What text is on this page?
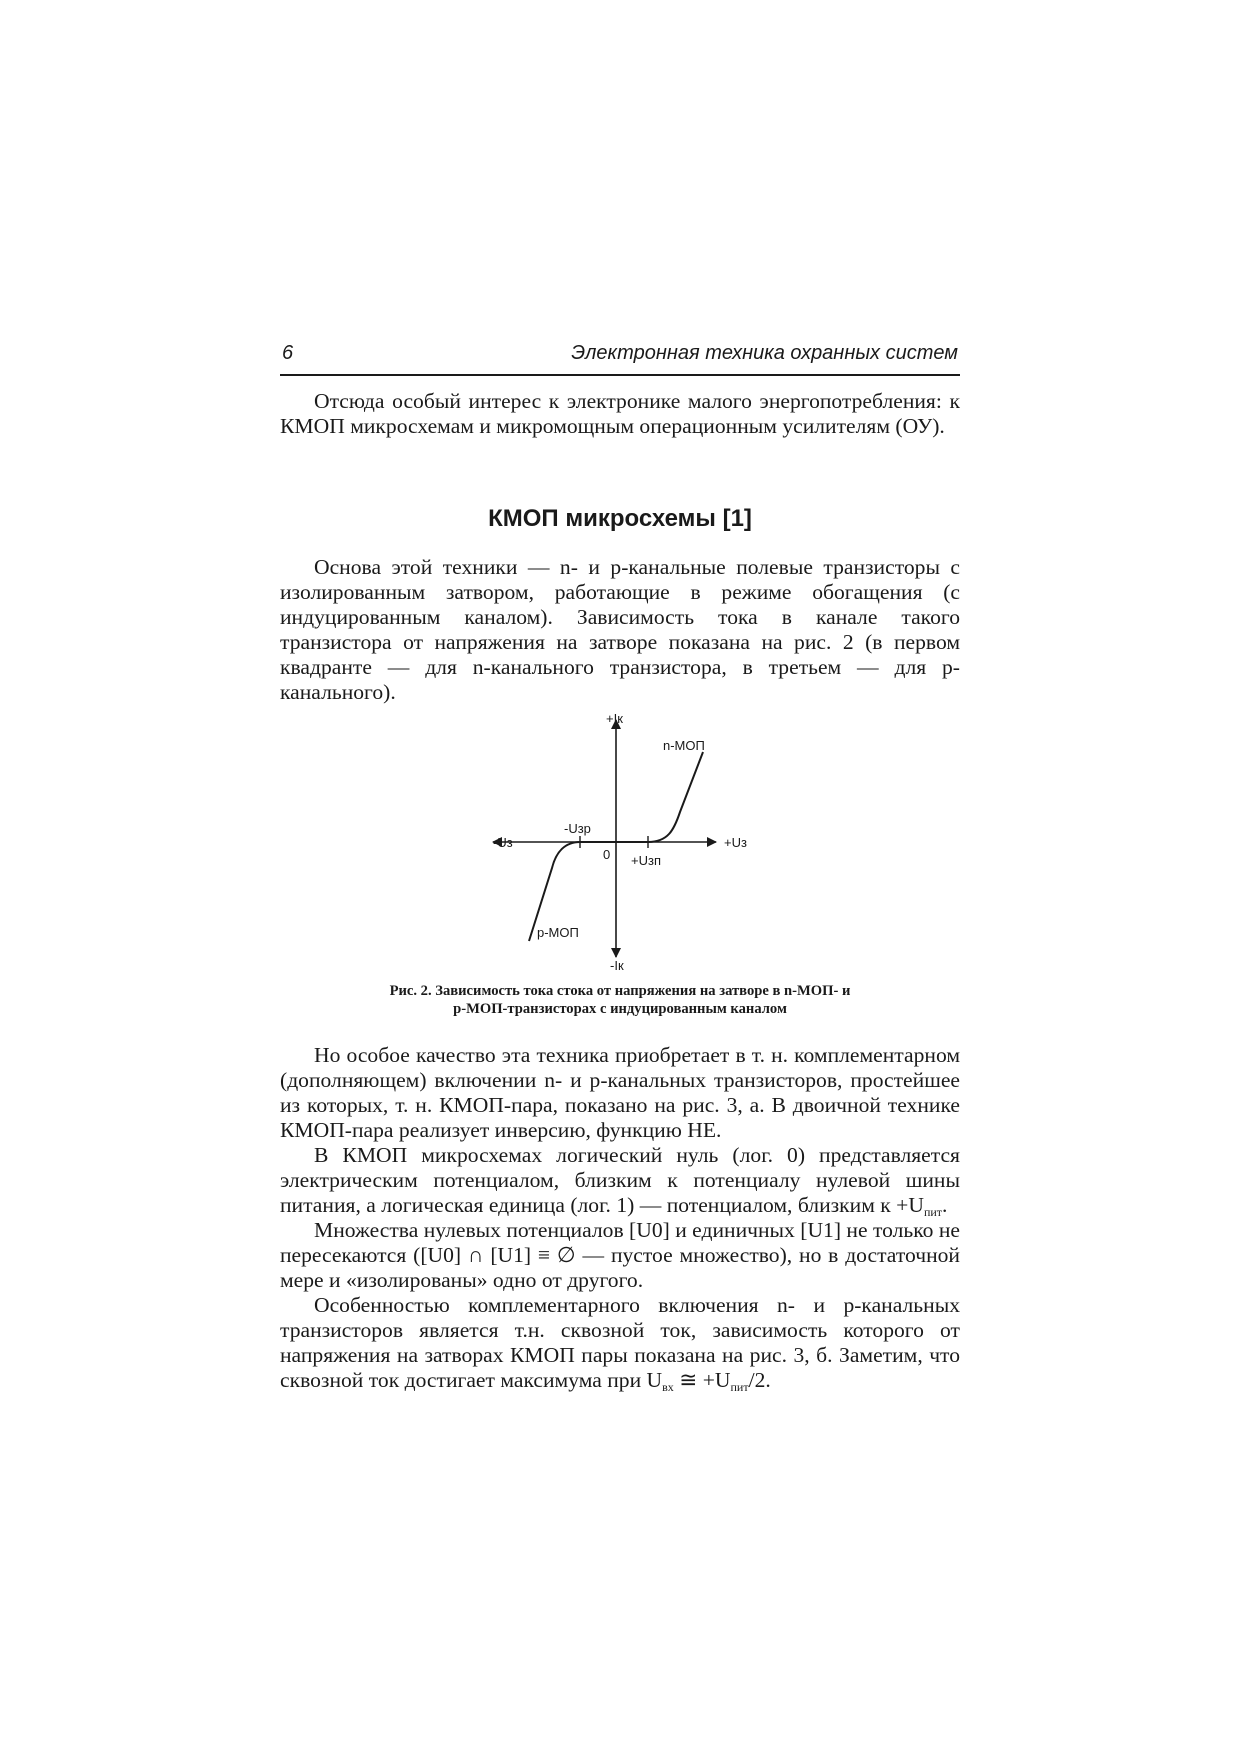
6	Электронная техника охранных систем

Отсюда особый интерес к электронике малого энергопотребления: к КМОП микросхемам и микромощным операционным усилителям (ОУ).

КМОП микросхемы [1]

Основа этой техники — n- и p-канальные полевые транзисторы с изолированным затвором, работающие в режиме обогащения (с индуцированным каналом). Зависимость тока в канале такого транзистора от напряжения на затворе показана на рис. 2 (в первом квадранте — для n-канального транзистора, в третьем — для p-канального).

+Iк
-Iк
+Uз
-Uз
0
-Uзр
+Uзп
n-МОП
p-МОП
Рис. 2. Зависимость тока стока от напряжения на затворе в n-МОП- и
p-МОП-транзисторах с индуцированным каналом

Но особое качество эта техника приобретает в т. н. комплементарном (дополняющем) включении n- и p-канальных транзисторов, простейшее из которых, т. н. КМОП-пара, показано на рис. 3, а. В двоичной технике КМОП-пара реализует инверсию, функцию НЕ.

В КМОП микросхемах логический нуль (лог. 0) представляется электрическим потенциалом, близким к потенциалу нулевой шины питания, а логическая единица (лог. 1) — потенциалом, близким $к +U_{пит}$.

Множества нулевых потенциалов [U0] и единичных [U1] не только не пересекаются ([U0] ∩ [U1] ≡ ∅ — пустое множество), но в достаточной мере и «изолированы» одно от другого.

Особенностью комплементарного включения n- и p-канальных транзисторов является т.н. сквозной ток, зависимость которого от напряжения на затворах КМОП пары показана на рис. 3, б. Заметим, что сквозной ток достигает максимума при $U_{вх}$ ≅ $+U_{пит}/2$.
